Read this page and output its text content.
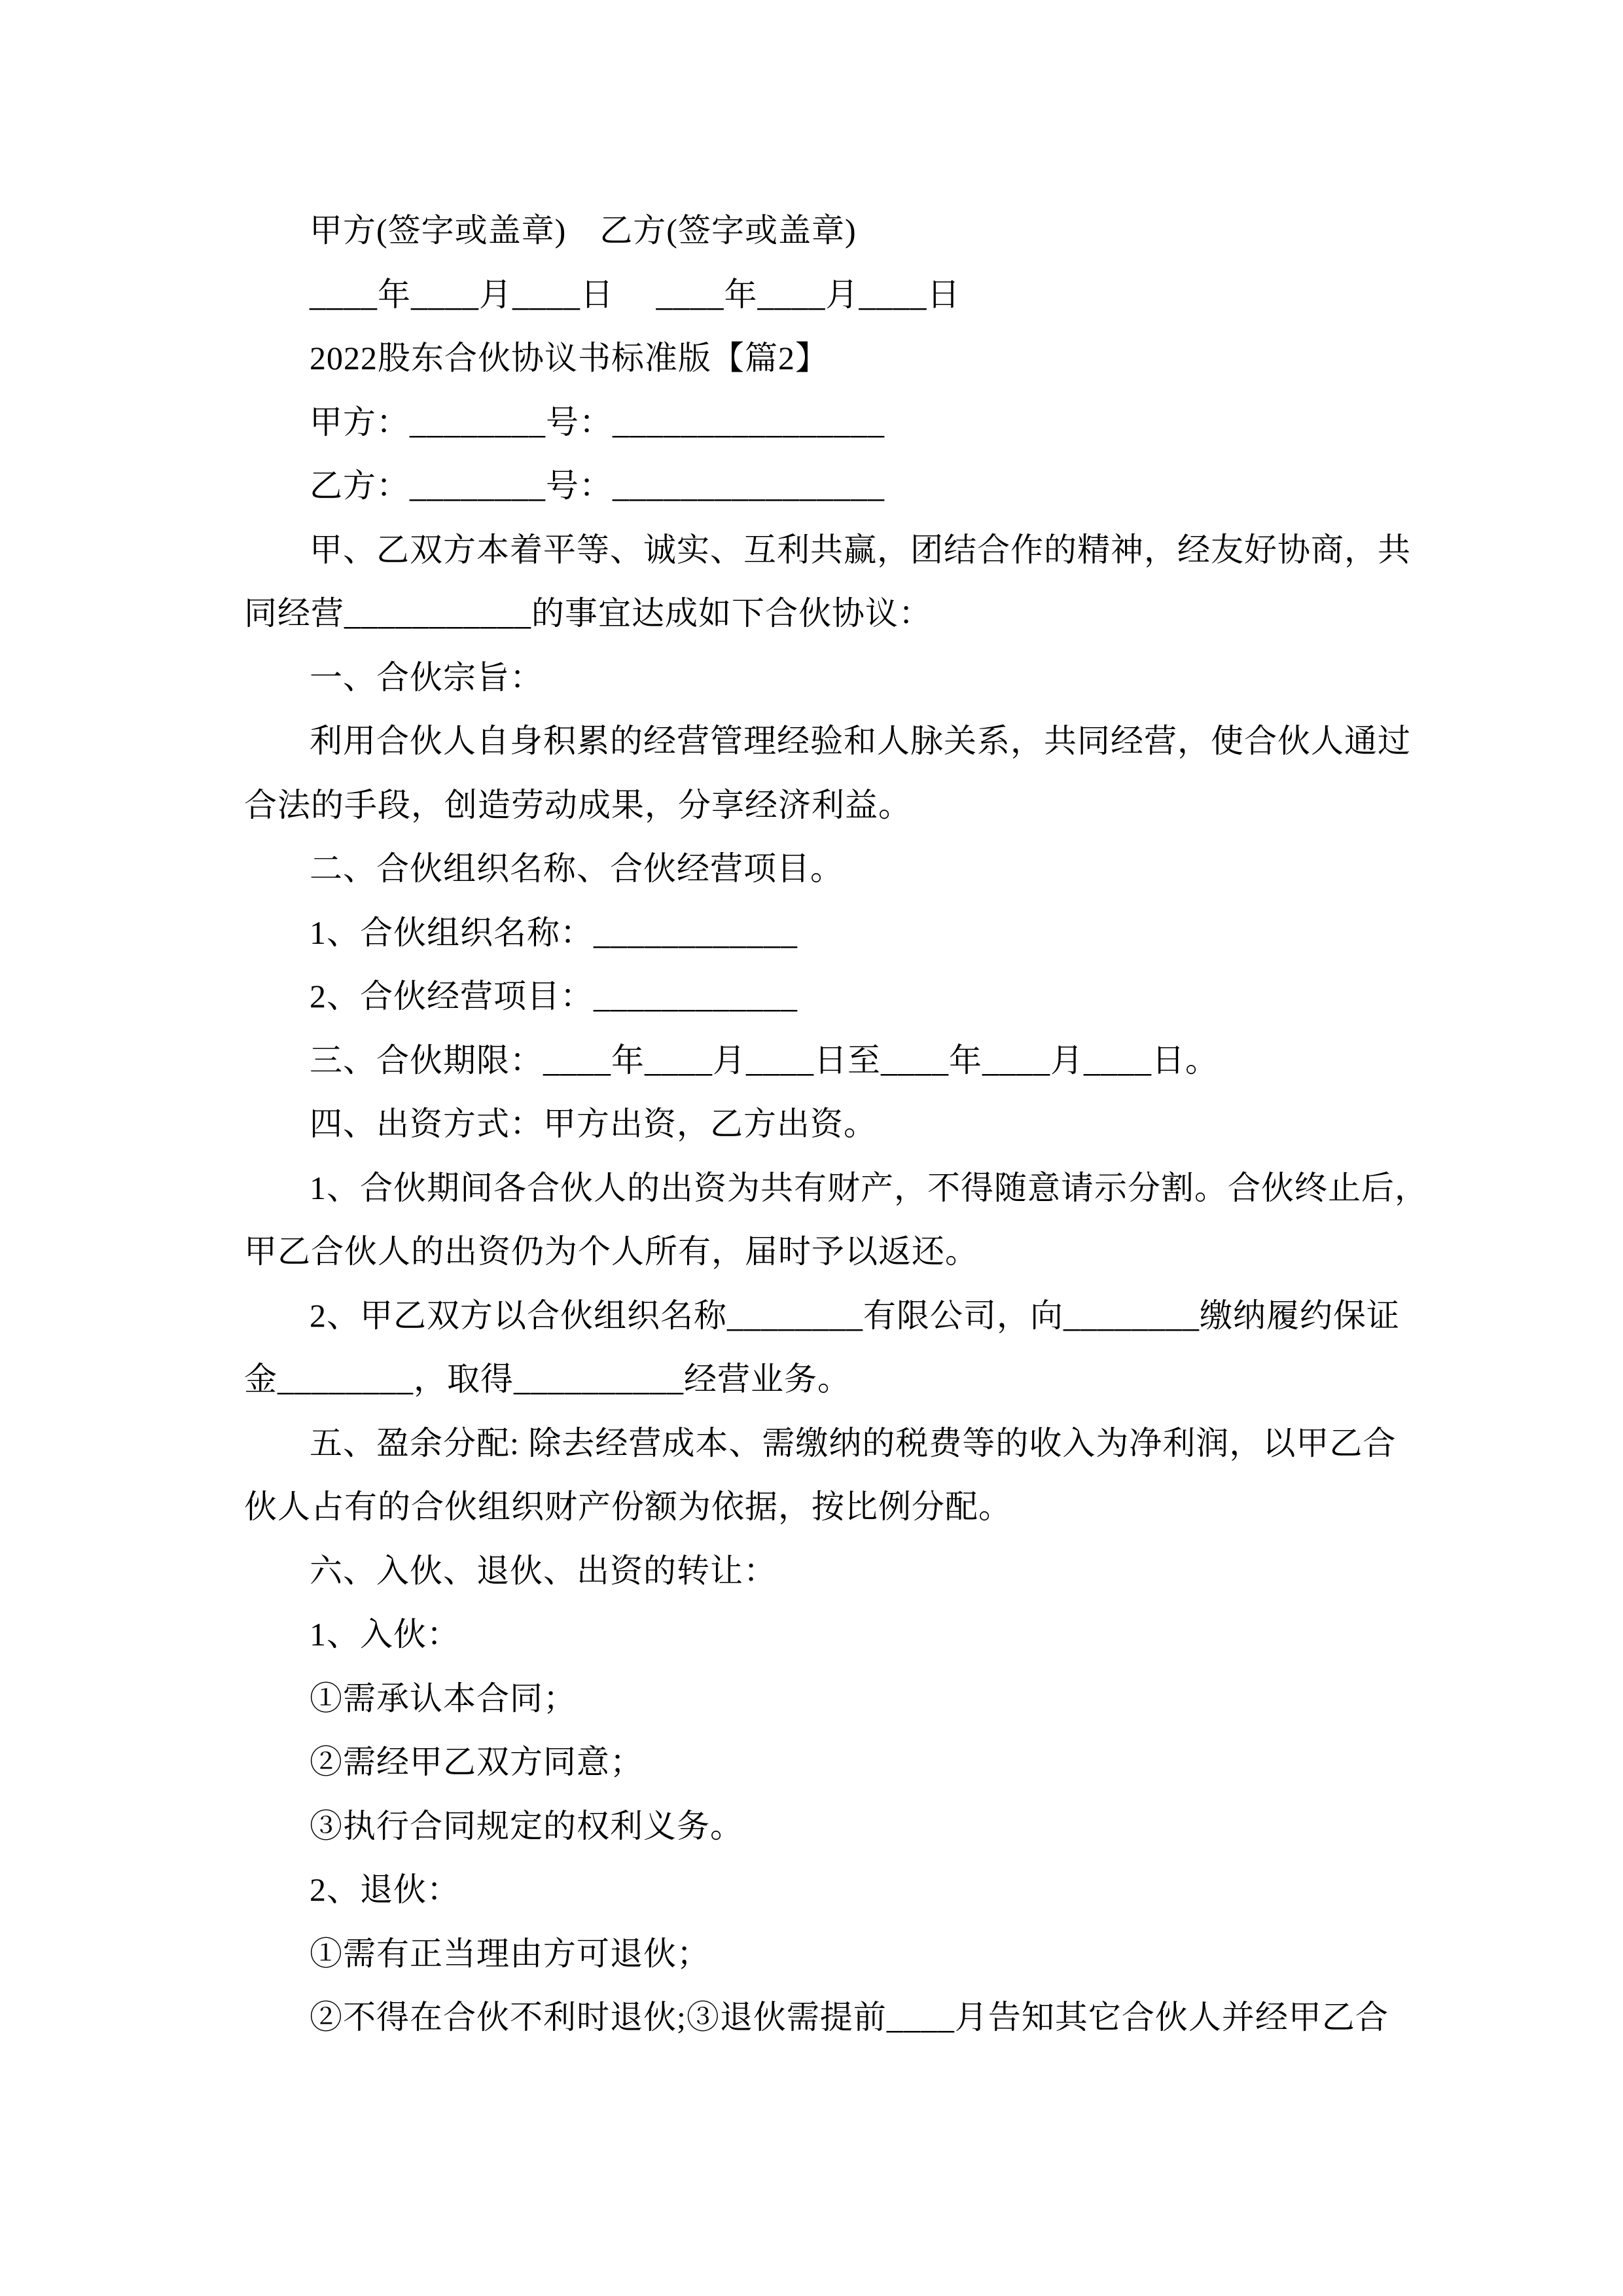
甲方(签字或盖章)　乙方(签字或盖章)
____年____月____日　 ____年____月____日
2022股东合伙协议书标准版【篇2】
甲方：________号：________________
乙方：________号：________________
甲、乙双方本着平等、诚实、互利共赢，团结合作的精神，经友好协商，共
同经营___________的事宜达成如下合伙协议：
一、合伙宗旨：
利用合伙人自身积累的经营管理经验和人脉关系，共同经营，使合伙人通过
合法的手段，创造劳动成果，分享经济利益。
二、合伙组织名称、合伙经营项目。
1、合伙组织名称：____________
2、合伙经营项目：____________
三、合伙期限：____年____月____日至____年____月____日。
四、出资方式：甲方出资，乙方出资。
1、合伙期间各合伙人的出资为共有财产，不得随意请示分割。合伙终止后，
甲乙合伙人的出资仍为个人所有，届时予以返还。
2、甲乙双方以合伙组织名称________有限公司，向________缴纳履约保证
金________，取得__________经营业务。
五、盈余分配: 除去经营成本、需缴纳的税费等的收入为净利润，以甲乙合
伙人占有的合伙组织财产份额为依据，按比例分配。
六、入伙、退伙、出资的转让：
1、入伙：
①需承认本合同；
②需经甲乙双方同意；
③执行合同规定的权利义务。
2、退伙：
①需有正当理由方可退伙；
②不得在合伙不利时退伙;③退伙需提前____月告知其它合伙人并经甲乙合
